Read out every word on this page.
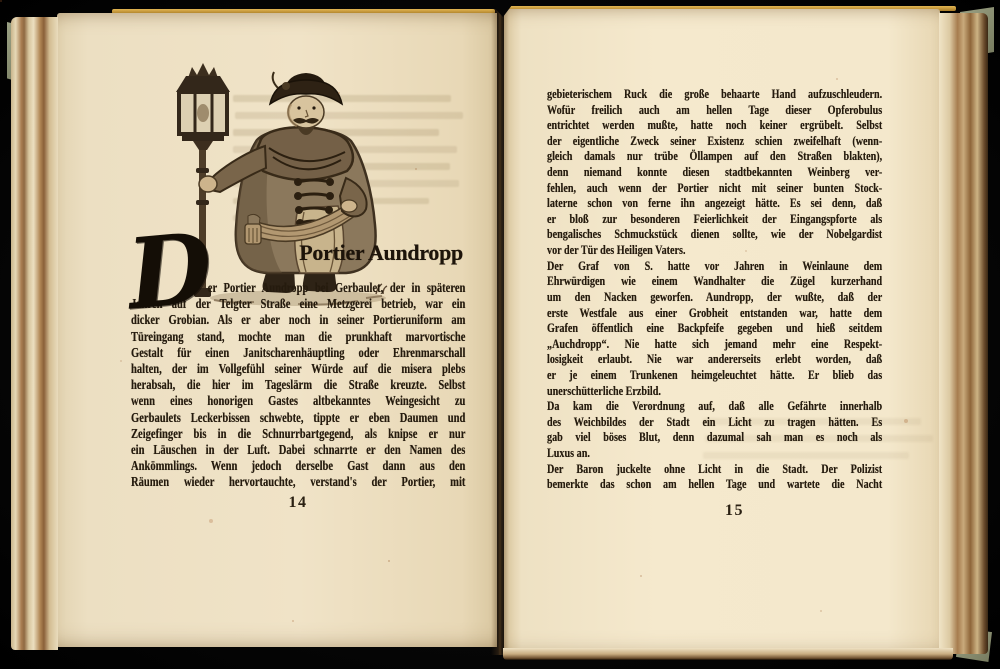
D	Portier Aundropp
er Portier Aundropp bei Gerbaulet, der in späteren
Jahren auf der Telgter Straße eine Metzgerei betrieb, war ein
dicker Grobian. Als er aber noch in seiner Portieruniform am
Türeingang stand, mochte man die prunkhaft marvortische
Gestalt für einen Janitscharenhäuptling oder Ehrenmarschall
halten, der im Vollgefühl seiner Würde auf die misera plebs
herabsah, die hier im Tageslärm die Straße kreuzte. Selbst
wenn eines honorigen Gastes altbekanntes Weingesicht zu
Gerbaulets Leckerbissen schwebte, tippte er eben Daumen und
Zeigefinger bis in die Schnurrbartgegend, als knipse er nur
ein Läuschen in der Luft. Dabei schnarrte er den Namen des
Ankömmlings. Wenn jedoch derselbe Gast dann aus den
Räumen wieder hervortauchte, verstand's der Portier, mit
14
gebieterischem Ruck die große behaarte Hand aufzuschleudern.
Wofür freilich auch am hellen Tage dieser Opferobulus
entrichtet werden mußte, hatte noch keiner ergrübelt. Selbst
der eigentliche Zweck seiner Existenz schien zweifelhaft (wenn-
gleich damals nur trübe Öllampen auf den Straßen blakten),
denn niemand konnte diesen stadtbekannten Weinberg ver-
fehlen, auch wenn der Portier nicht mit seiner bunten Stock-
laterne schon von ferne ihn angezeigt hätte. Es sei denn, daß
er bloß zur besonderen Feierlichkeit der Eingangspforte als
bengalisches Schmuckstück dienen sollte, wie der Nobelgardist
vor der Tür des Heiligen Vaters.
Der Graf von S. hatte vor Jahren in Weinlaune dem
Ehrwürdigen wie einem Wandhalter die Zügel kurzerhand
um den Nacken geworfen. Aundropp, der wußte, daß der
erste Westfale aus einer Grobheit entstanden war, hatte dem
Grafen öffentlich eine Backpfeife gegeben und hieß seitdem
„Auchdropp“. Nie hatte sich jemand mehr eine Respekt-
losigkeit erlaubt. Nie war andererseits erlebt worden, daß
er je einem Trunkenen heimgeleuchtet hätte. Er blieb das
unerschütterliche Erzbild.
Da kam die Verordnung auf, daß alle Gefährte innerhalb
des Weichbildes der Stadt ein Licht zu tragen hätten. Es
gab viel böses Blut, denn dazumal sah man es noch als
Luxus an.
Der Baron juckelte ohne Licht in die Stadt. Der Polizist
bemerkte das schon am hellen Tage und wartete die Nacht
15
